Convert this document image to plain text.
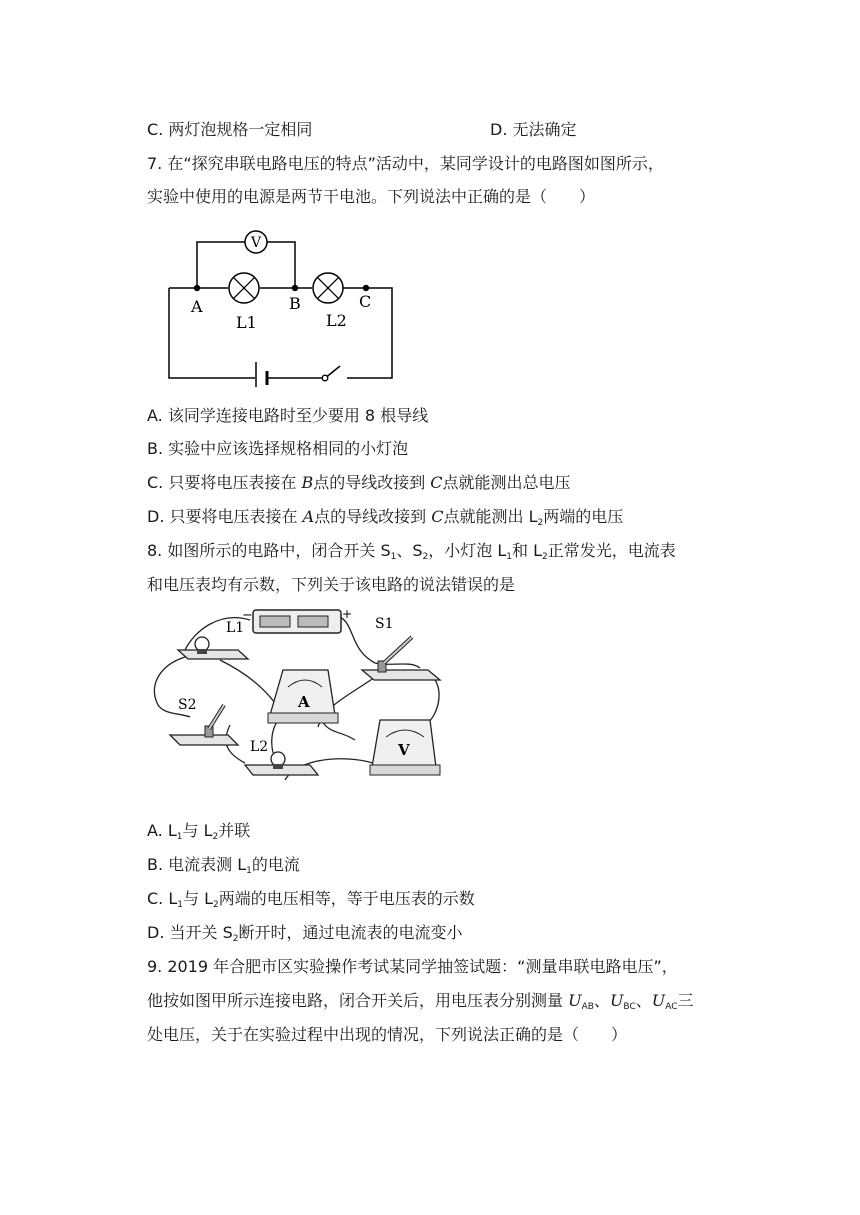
C. 两灯泡规格一定相同	D. 无法确定
7. 在“探究串联电路电压的特点”活动中，某同学设计的电路图如图所示，
实验中使用的电源是两节干电池。下列说法中正确的是（　　）
V
A	B	C
L1	L2
A. 该同学连接电路时至少要用 8 根导线
B. 实验中应该选择规格相同的小灯泡
C. 只要将电压表接在 B点的导线改接到 C点就能测出总电压
D. 只要将电压表接在 A点的导线改接到 C点就能测出 $L_2$两端的电压
8. 如图所示的电路中，闭合开关 $S_1$、$S_2$，小灯泡 $L_1$和 $L_2$正常发光，电流表
和电压表均有示数，下列关于该电路的说法错误的是
−	+
S1
L1
A
S2
L2	V
A. $L_1$与 $L_2$并联
B. 电流表测 $L_1$的电流
C. $L_1$与 $L_2$两端的电压相等，等于电压表的示数
D. 当开关 $S_2$断开时，通过电流表的电流变小
9. 2019 年合肥市区实验操作考试某同学抽签试题：“测量串联电路电压”，
他按如图甲所示连接电路，闭合开关后，用电压表分别测量 $U_{AB}$、$U_{BC}$、$U_{AC}$三
处电压，关于在实验过程中出现的情况，下列说法正确的是（　　）
